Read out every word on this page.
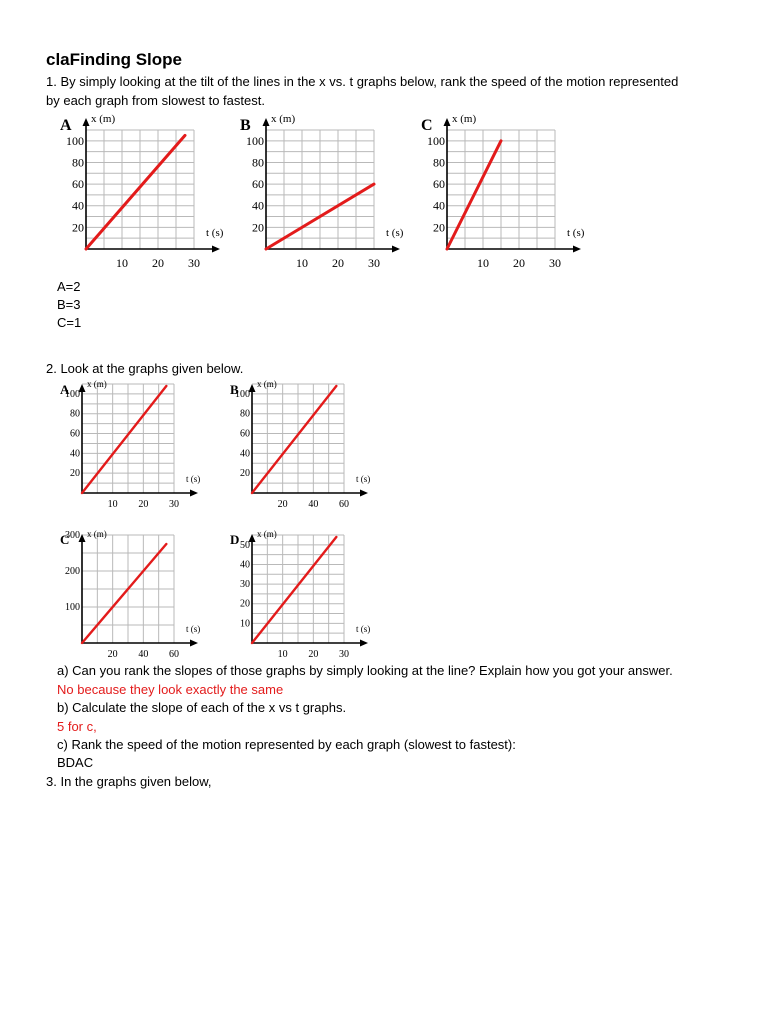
claFinding Slope
1. By simply looking at the tilt of the lines in the x vs. t graphs below, rank the speed of the motion represented
by each graph from slowest to fastest.
A x (m)
t (s)
20
40
60
80
100
10 20 30
B x (m)
t (s)
20
40
60
80
100
10 20 30
C x (m)
t (s)
20
40
60
80
100
10 20 30
A=2
B=3
C=1
2. Look at the graphs given below.
A x (m)
t (s)
20
40
60
80
100
10 20 30
B x (m)
t (s)
20
40
60
80
100
20 40 60
C x (m)
t (s)
100
200
300
20 40 60
D x (m)
t (s)
10
20
30
40
50
10 20 30
a) Can you rank the slopes of those graphs by simply looking at the line? Explain how you got your answer.
No because they look exactly the same
b) Calculate the slope of each of the x vs t graphs.
5 for c,
c) Rank the speed of the motion represented by each graph (slowest to fastest):
BDAC
3. In the graphs given below,
